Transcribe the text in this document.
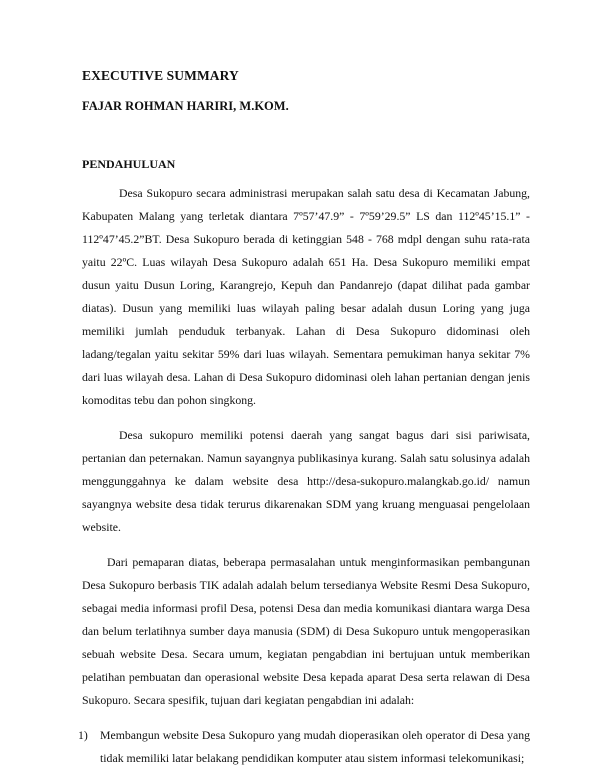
EXECUTIVE SUMMARY
FAJAR ROHMAN HARIRI, M.KOM.
PENDAHULUAN

Desa Sukopuro secara administrasi merupakan salah satu desa di Kecamatan Jabung, Kabupaten Malang yang terletak diantara 7º57’47.9” - 7º59’29.5” LS dan 112º45’15.1” - 112º47’45.2”BT. Desa Sukopuro berada di ketinggian 548 - 768 mdpl dengan suhu rata-rata yaitu 22ºC. Luas wilayah Desa Sukopuro adalah 651 Ha. Desa Sukopuro memiliki empat dusun yaitu Dusun Loring, Karangrejo, Kepuh dan Pandanrejo (dapat dilihat pada gambar diatas). Dusun yang memiliki luas wilayah paling besar adalah dusun Loring yang juga memiliki jumlah penduduk terbanyak. Lahan di Desa Sukopuro didominasi oleh ladang/tegalan yaitu sekitar 59% dari luas wilayah. Sementara pemukiman hanya sekitar 7% dari luas wilayah desa. Lahan di Desa Sukopuro didominasi oleh lahan pertanian dengan jenis komoditas tebu dan pohon singkong.

Desa sukopuro memiliki potensi daerah yang sangat bagus dari sisi pariwisata, pertanian dan peternakan. Namun sayangnya publikasinya kurang. Salah satu solusinya adalah menggunggahnya ke dalam website desa http://desa-sukopuro.malangkab.go.id/ namun sayangnya website desa tidak terurus dikarenakan SDM yang kruang menguasai pengelolaan website.

Dari pemaparan diatas, beberapa permasalahan untuk menginformasikan pembangunan Desa Sukopuro berbasis TIK adalah adalah belum tersedianya Website Resmi Desa Sukopuro, sebagai media informasi profil Desa, potensi Desa dan media komunikasi diantara warga Desa dan belum terlatihnya sumber daya manusia (SDM) di Desa Sukopuro untuk mengoperasikan sebuah website Desa. Secara umum, kegiatan pengabdian ini bertujuan untuk memberikan pelatihan pembuatan dan operasional website Desa kepada aparat Desa serta relawan di Desa Sukopuro. Secara spesifik, tujuan dari kegiatan pengabdian ini adalah:

1) Membangun website Desa Sukopuro yang mudah dioperasikan oleh operator di Desa yang tidak memiliki latar belakang pendidikan komputer atau sistem informasi telekomunikasi;
